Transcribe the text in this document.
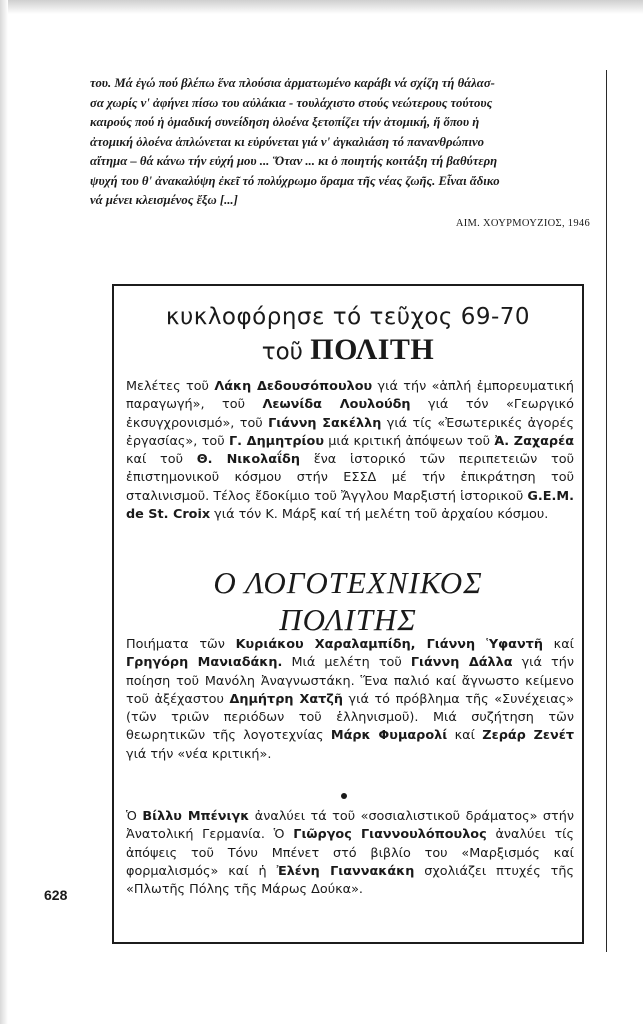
του. Μά ἐγώ πού βλέπω ἕνα πλούσια ἀρματωμένο καράβι νά σχίζη τή θάλασ-
σα χωρίς ν' ἀφήνει πίσω του αὐλάκια - τουλάχιστο στούς νεώτερους τούτους
καιρούς πού ἡ ὁμαδική συνείδηση ὁλοένα ξετοπίζει τήν ἀτομική, ἤ ὅπου ἡ
ἀτομική ὁλοένα ἁπλώνεται κι εὐρύνεται γιά ν' ἀγκαλιάση τό πανανθρώπινο
αἴτημα – θά κάνω τήν εὐχή μου ... Ὅταν ... κι ὁ ποιητής κοιτάξη τή βαθύτερη
ψυχή του θ' ἀνακαλύψη ἐκεῖ τό πολύχρωμο ὅραμα τῆς νέας ζωῆς. Εἶναι ἄδικο
νά μένει κλεισμένος ἔξω [...]
ΑΙΜ. ΧΟΥΡΜΟΥΖΙΟΣ, 1946
κυκλοφόρησε τό τεῦχος 69-70
τοῦ ΠΟΛΙΤΗ
Μελέτες τοῦ Λάκη Δεδουσόπουλου γιά τήν «ἁπλή ἐμπορευματική παραγωγή», τοῦ Λεωνίδα Λουλούδη γιά τόν «Γεωργικό ἐκσυγχρονισμό», τοῦ Γιάννη Σακέλλη γιά τίς «Ἐσωτερικές ἀγορές ἐργασίας», τοῦ Γ. Δημητρίου μιά κριτική ἀπόψεων τοῦ Ἀ. Ζαχαρέα καί τοῦ Θ. Νικολαΐδη ἕνα ἱστορικό τῶν περιπετειῶν τοῦ ἐπιστημονικοῦ κόσμου στήν ΕΣΣΔ μέ τήν ἐπικράτηση τοῦ σταλινισμοῦ. Τέλος ἔδοκίμιο τοῦ Ἄγγλου Μαρξιστή ἱστορικοῦ G.E.M. de St. Croix γιά τόν Κ. Μάρξ καί τή μελέτη τοῦ ἀρχαίου κόσμου.
Ο ΛΟΓΟΤΕΧΝΙΚΟΣ
ΠΟΛΙΤΗΣ
Ποιήματα τῶν Κυριάκου Χαραλαμπίδη, Γιάννη Ὑφαντῆ καί Γρηγόρη Μανιαδάκη. Μιά μελέτη τοῦ Γιάννη Δάλλα γιά τήν ποίηση τοῦ Μανόλη Ἀναγνωστάκη. Ἕνα παλιό καί ἄγνωστο κείμενο τοῦ ἀξέχαστου Δημήτρη Χατζῆ γιά τό πρόβλημα τῆς «Συνέχειας» (τῶν τριῶν περιόδων τοῦ ἑλληνισμοῦ). Μιά συζήτηση τῶν θεωρητικῶν τῆς λογοτεχνίας Μάρκ Φυμαρολί καί Ζεράρ Ζενέτ γιά τήν «νέα κριτική».
Ὁ Βίλλυ Μπένιγκ ἀναλύει τά τοῦ «σοσιαλιστικοῦ δράματος» στήν Ἀνατολική Γερμανία. Ὁ Γιῶργος Γιαννουλόπουλος ἀναλύει τίς ἀπόψεις τοῦ Τόνυ Μπένετ στό βιβλίο του «Μαρξισμός καί φορμαλισμός» καί ἡ Ἐλένη Γιαννακάκη σχολιάζει πτυχές τῆς «Πλωτῆς Πόλης τῆς Μάρως Δούκα».
628
